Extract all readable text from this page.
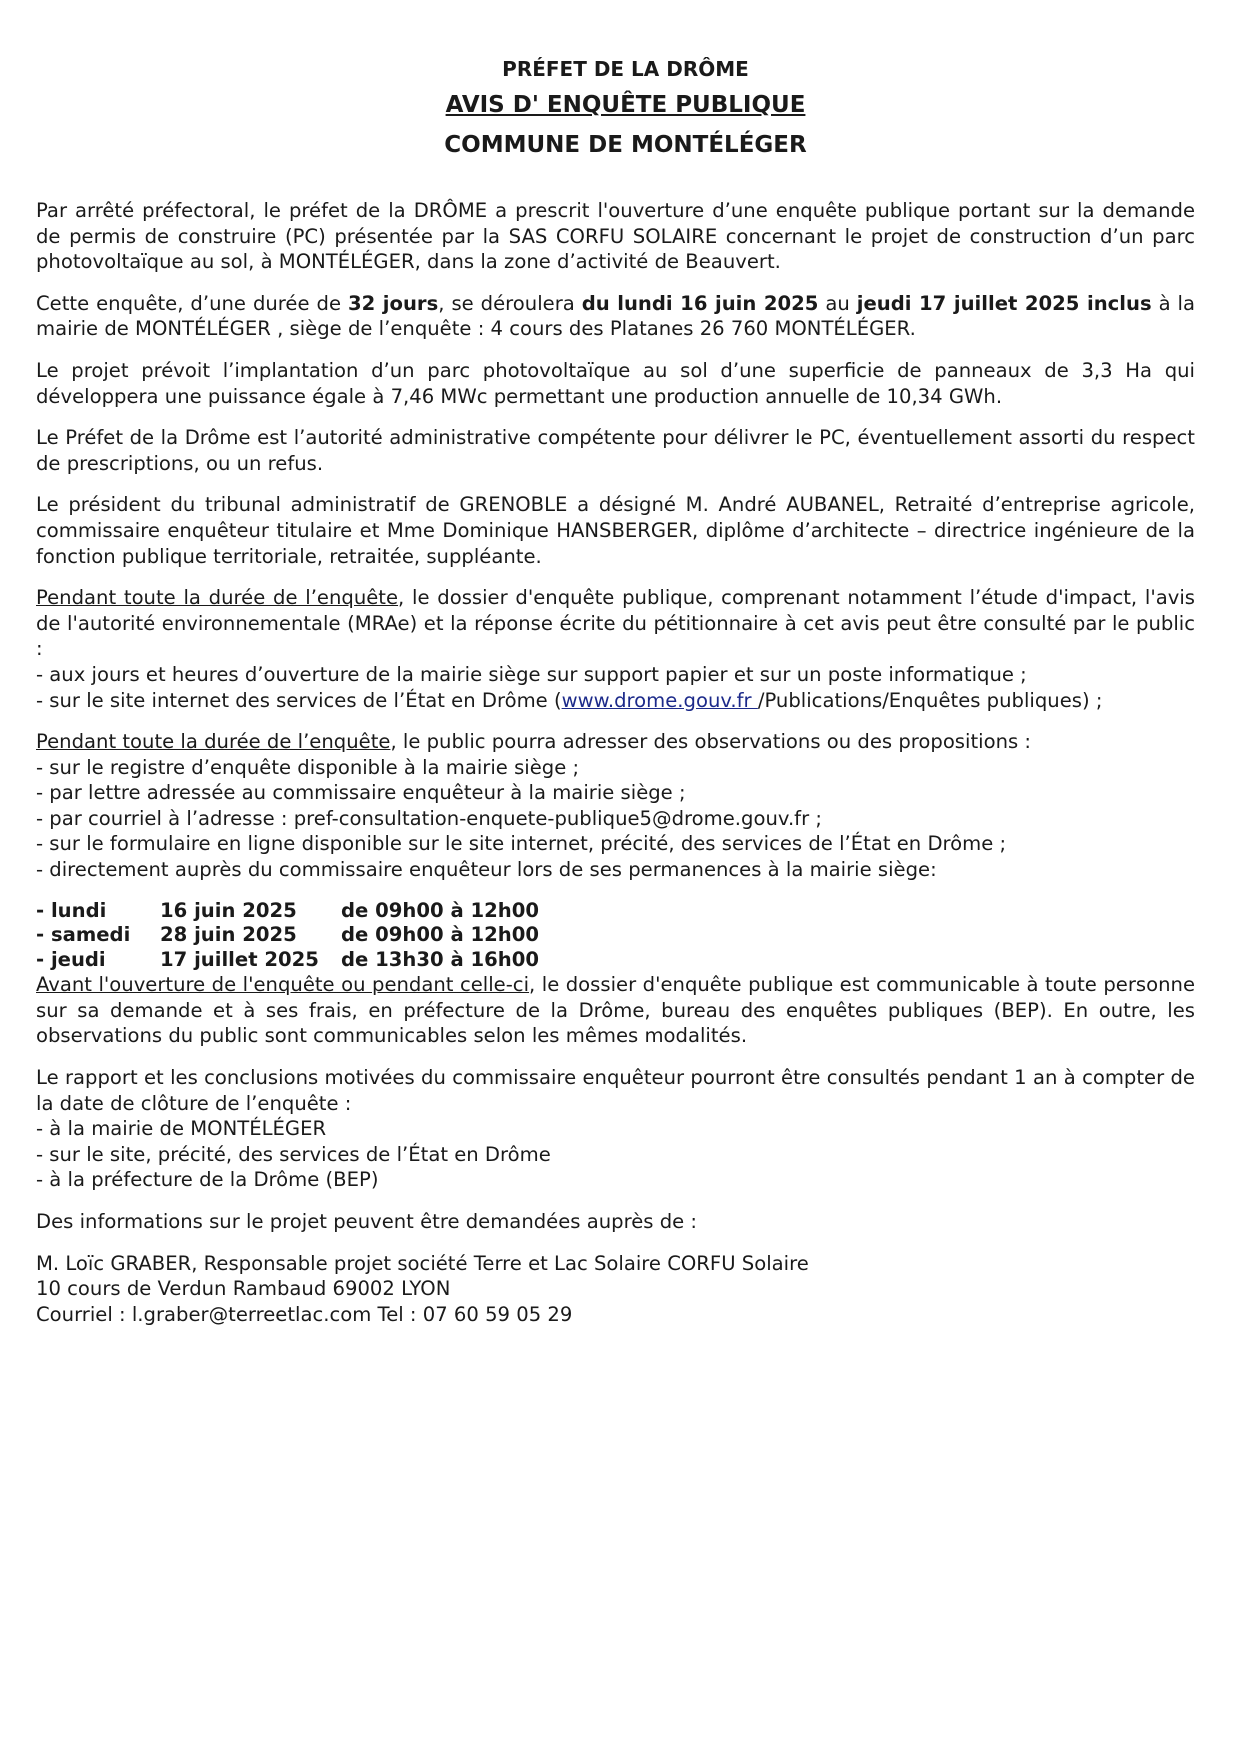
PRÉFET DE LA DRÔME
AVIS D' ENQUÊTE PUBLIQUE
COMMUNE DE MONTÉLÉGER

Par arrêté préfectoral, le préfet de la DRÔME a prescrit l'ouverture d’une enquête publique portant sur la demande de permis de construire (PC) présentée par la SAS CORFU SOLAIRE concernant le projet de construction d’un parc photovoltaïque au sol, à MONTÉLÉGER, dans la zone d’activité de Beauvert.

Cette enquête, d’une durée de 32 jours, se déroulera du lundi 16 juin 2025 au jeudi 17 juillet 2025 inclus à la mairie de MONTÉLÉGER , siège de l’enquête : 4 cours des Platanes 26 760 MONTÉLÉGER.

Le projet prévoit l’implantation d’un parc photovoltaïque au sol d’une superficie de panneaux de 3,3 Ha qui développera une puissance égale à 7,46 MWc permettant une production annuelle de 10,34 GWh.

Le Préfet de la Drôme est l’autorité administrative compétente pour délivrer le PC, éventuellement assorti du respect de prescriptions, ou un refus.

Le président du tribunal administratif de GRENOBLE a désigné M. André AUBANEL, Retraité d’entreprise agricole, commissaire enquêteur titulaire et Mme Dominique HANSBERGER, diplôme d’architecte – directrice ingénieure de la fonction publique territoriale, retraitée, suppléante.

Pendant toute la durée de l’enquête, le dossier d'enquête publique, comprenant notamment l’étude d'impact, l'avis de l'autorité environnementale (MRAe) et la réponse écrite du pétitionnaire à cet avis peut être consulté par le public :
- aux jours et heures d’ouverture de la mairie siège sur support papier et sur un poste informatique ;
- sur le site internet des services de l’État en Drôme (www.drome.gouv.fr /Publications/Enquêtes publiques) ;

Pendant toute la durée de l’enquête, le public pourra adresser des observations ou des propositions :
- sur le registre d’enquête disponible à la mairie siège ;
- par lettre adressée au commissaire enquêteur à la mairie siège ;
- par courriel à l’adresse : pref-consultation-enquete-publique5@drome.gouv.fr ;
- sur le formulaire en ligne disponible sur le site internet, précité, des services de l’État en Drôme ;
- directement auprès du commissaire enquêteur lors de ses permanences à la mairie siège:
- lundi	16 juin 2025	de 09h00 à 12h00
- samedi	28 juin 2025	de 09h00 à 12h00
- jeudi	17 juillet 2025	de 13h30 à 16h00

Avant l'ouverture de l'enquête ou pendant celle-ci, le dossier d'enquête publique est communicable à toute personne sur sa demande et à ses frais, en préfecture de la Drôme, bureau des enquêtes publiques (BEP). En outre, les observations du public sont communicables selon les mêmes modalités.

Le rapport et les conclusions motivées du commissaire enquêteur pourront être consultés pendant 1 an à compter de la date de clôture de l’enquête :
- à la mairie de MONTÉLÉGER
- sur le site, précité, des services de l’État en Drôme
- à la préfecture de la Drôme (BEP)

Des informations sur le projet peuvent être demandées auprès de :

M. Loïc GRABER, Responsable projet société Terre et Lac Solaire CORFU Solaire
10 cours de Verdun Rambaud 69002 LYON
Courriel : l.graber@terreetlac.com Tel : 07 60 59 05 29
